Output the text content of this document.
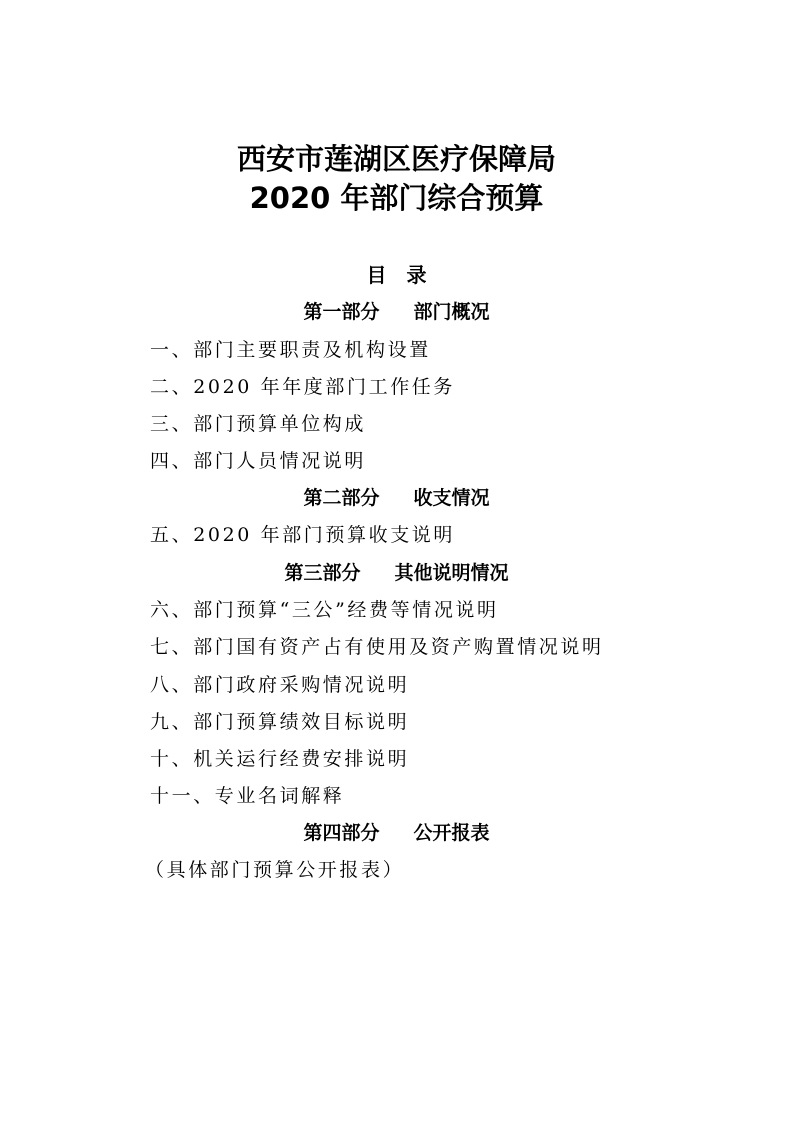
西安市莲湖区医疗保障局
2020 年部门综合预算
目　录
第一部分 部门概况
一、部门主要职责及机构设置
二、2020 年年度部门工作任务
三、部门预算单位构成
四、部门人员情况说明
第二部分 收支情况
五、2020 年部门预算收支说明
第三部分 其他说明情况
六、部门预算“三公”经费等情况说明
七、部门国有资产占有使用及资产购置情况说明
八、部门政府采购情况说明
九、部门预算绩效目标说明
十、机关运行经费安排说明
十一、专业名词解释
第四部分 公开报表
（具体部门预算公开报表）
